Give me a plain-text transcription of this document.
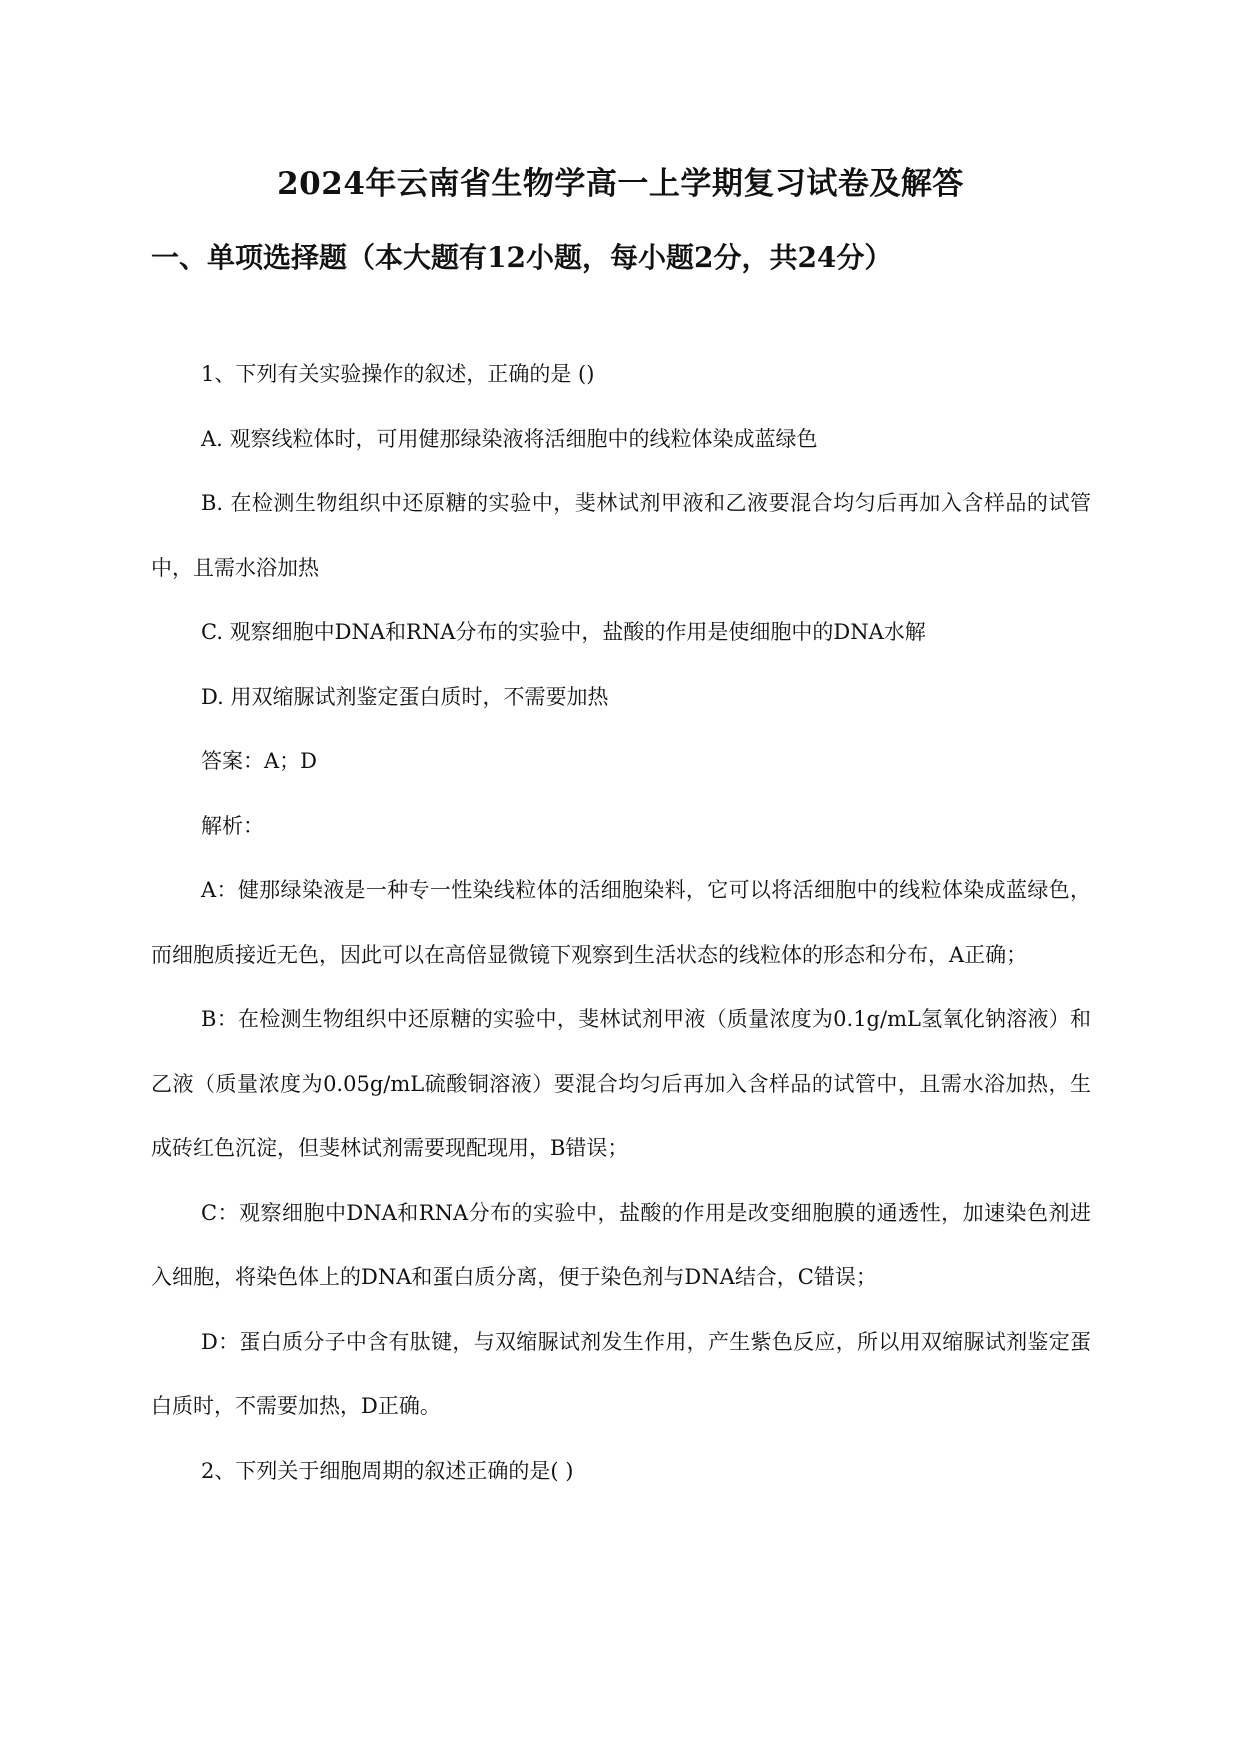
2024年云南省生物学高一上学期复习试卷及解答
一、单项选择题（本大题有12小题，每小题2分，共24分）

1、下列有关实验操作的叙述，正确的是 ()

A. 观察线粒体时，可用健那绿染液将活细胞中的线粒体染成蓝绿色

B. 在检测生物组织中还原糖的实验中，斐林试剂甲液和乙液要混合均匀后再加入含样品的试管中，且需水浴加热

C. 观察细胞中DNA和RNA分布的实验中，盐酸的作用是使细胞中的DNA水解

D. 用双缩脲试剂鉴定蛋白质时，不需要加热

答案：A；D

解析：

A：健那绿染液是一种专一性染线粒体的活细胞染料，它可以将活细胞中的线粒体染成蓝绿色，而细胞质接近无色，因此可以在高倍显微镜下观察到生活状态的线粒体的形态和分布，A正确；

B：在检测生物组织中还原糖的实验中，斐林试剂甲液（质量浓度为0.1g/mL氢氧化钠溶液）和乙液（质量浓度为0.05g/mL硫酸铜溶液）要混合均匀后再加入含样品的试管中，且需水浴加热，生成砖红色沉淀，但斐林试剂需要现配现用，B错误；

C：观察细胞中DNA和RNA分布的实验中，盐酸的作用是改变细胞膜的通透性，加速染色剂进入细胞，将染色体上的DNA和蛋白质分离，便于染色剂与DNA结合，C错误；

D：蛋白质分子中含有肽键，与双缩脲试剂发生作用，产生紫色反应，所以用双缩脲试剂鉴定蛋白质时，不需要加热，D正确。

2、下列关于细胞周期的叙述正确的是( )
